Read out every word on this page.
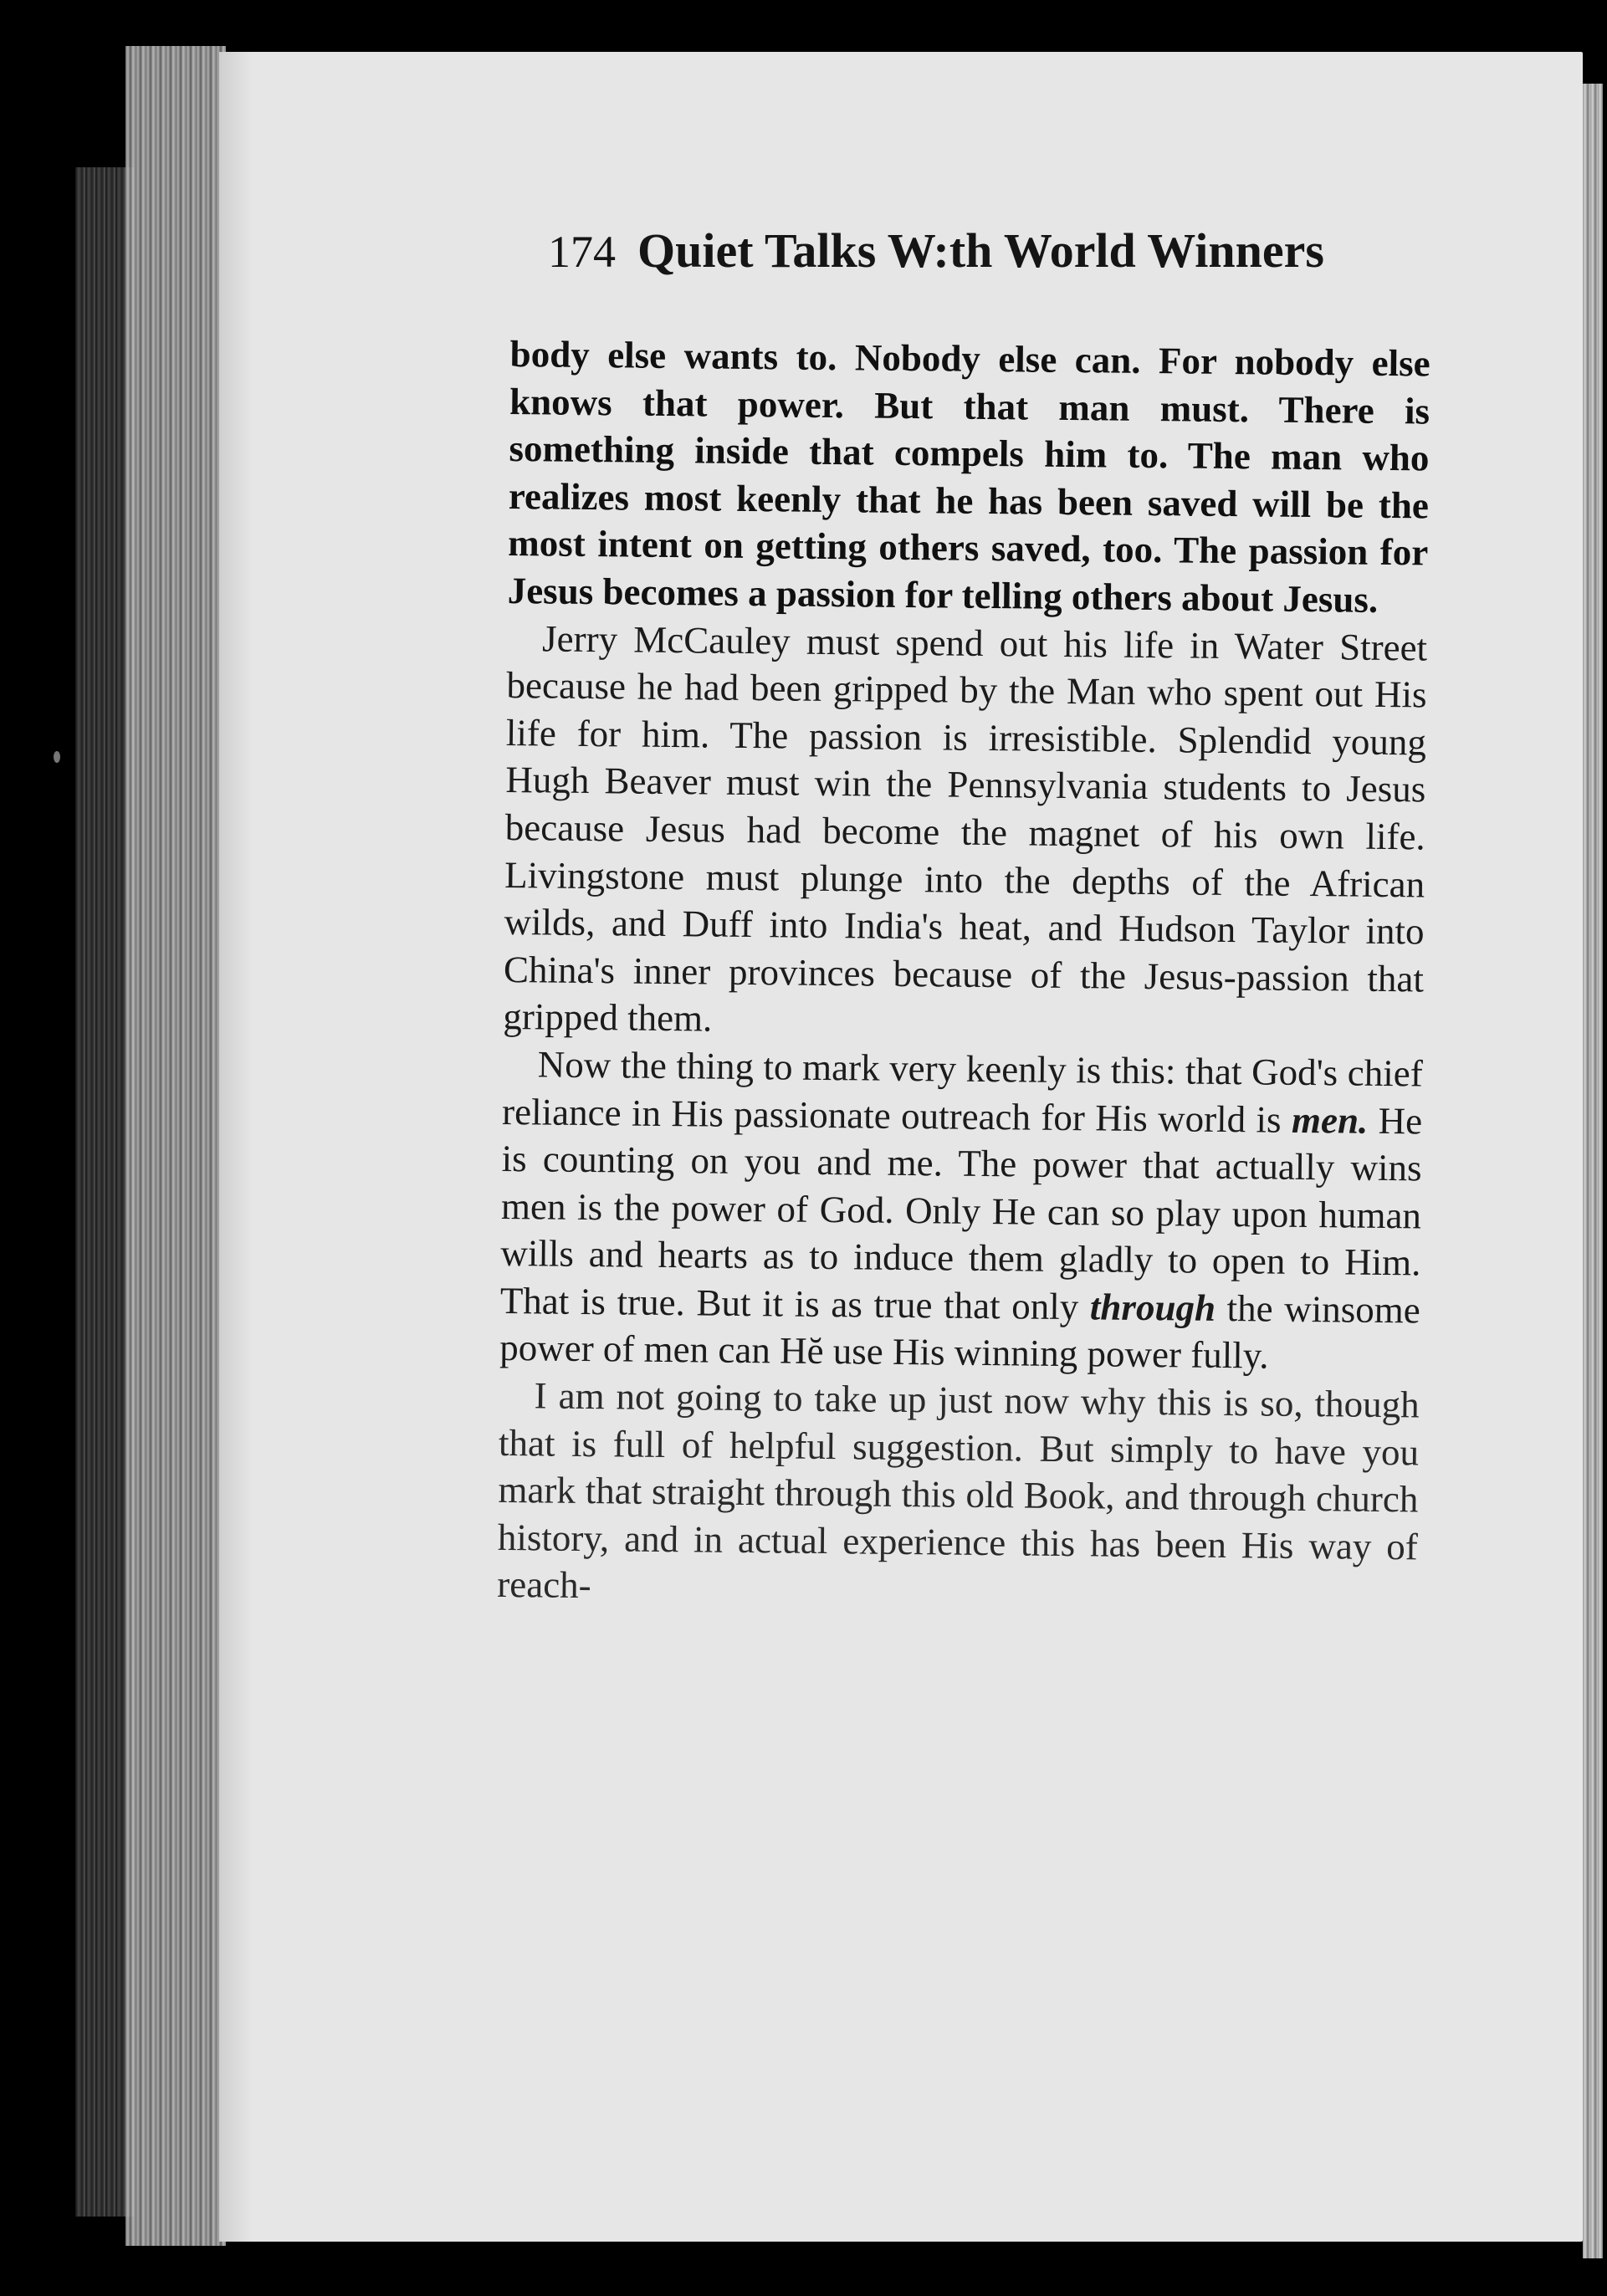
174 Quiet Talks W:th World Winners

body else wants to. Nobody else can. For nobody else knows that power. But that man must. There is something inside that compels him to. The man who realizes most keenly that he has been saved will be the most intent on getting others saved, too. The passion for Jesus becomes a passion for telling others about Jesus.

Jerry McCauley must spend out his life in Water Street because he had been gripped by the Man who spent out His life for him. The passion is irresistible. Splendid young Hugh Beaver must win the Pennsylvania students to Jesus because Jesus had become the magnet of his own life. Livingstone must plunge into the depths of the African wilds, and Duff into India's heat, and Hudson Taylor into China's inner provinces because of the Jesus-passion that gripped them.

Now the thing to mark very keenly is this: that God's chief reliance in His passionate outreach for His world is men. He is counting on you and me. The power that actually wins men is the power of God. Only He can so play upon human wills and hearts as to induce them gladly to open to Him. That is true. But it is as true that only through the winsome power of men can Hĕ use His winning power fully.

I am not going to take up just now why this is so, though that is full of helpful suggestion. But simply to have you mark that straight through this old Book, and through church history, and in actual experience this has been His way of reach-
